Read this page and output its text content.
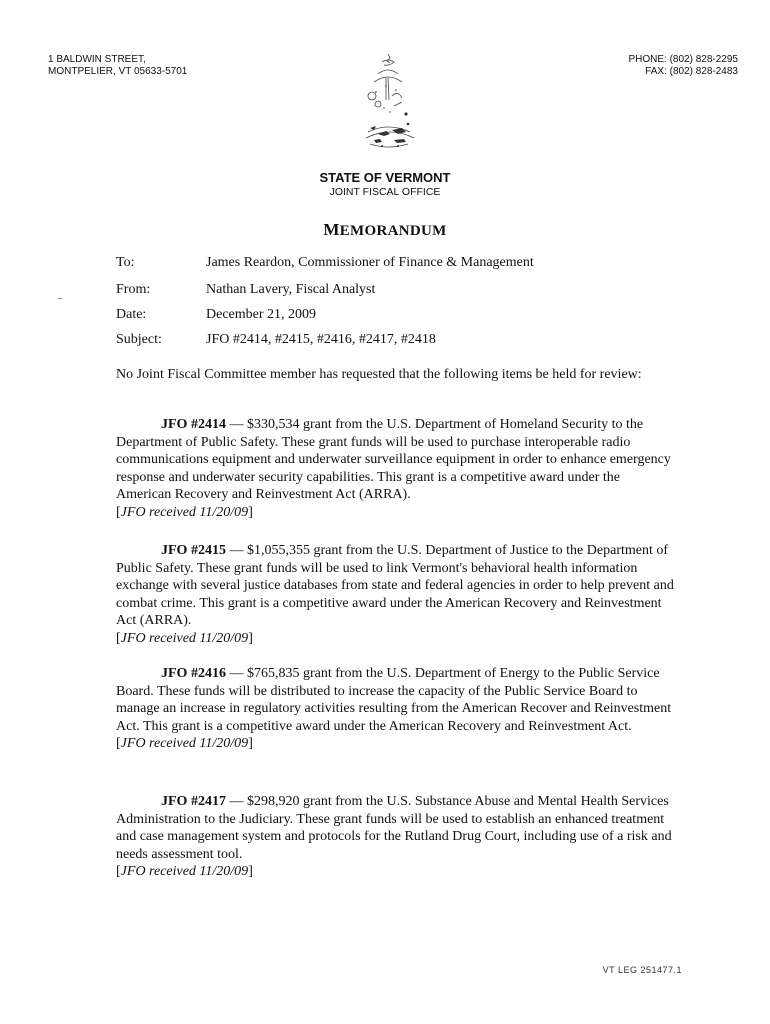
1 BALDWIN STREET,
MONTPELIER, VT 05633-5701
PHONE: (802) 828-2295
FAX: (802) 828-2483
STATE OF VERMONT
JOINT FISCAL OFFICE
MEMORANDUM
To:	James Reardon, Commissioner of Finance & Management
From:	Nathan Lavery, Fiscal Analyst
Date:	December 21, 2009
Subject:	JFO #2414, #2415, #2416, #2417, #2418
No Joint Fiscal Committee member has requested that the following items be held for review:

JFO #2414 — $330,534 grant from the U.S. Department of Homeland Security to the Department of Public Safety. These grant funds will be used to purchase interoperable radio communications equipment and underwater surveillance equipment in order to enhance emergency response and underwater security capabilities. This grant is a competitive award under the American Recovery and Reinvestment Act (ARRA).

[JFO received 11/20/09]

JFO #2415 — $1,055,355 grant from the U.S. Department of Justice to the Department of Public Safety. These grant funds will be used to link Vermont's behavioral health information exchange with several justice databases from state and federal agencies in order to help prevent and combat crime. This grant is a competitive award under the American Recovery and Reinvestment Act (ARRA).

[JFO received 11/20/09]

JFO #2416 — $765,835 grant from the U.S. Department of Energy to the Public Service Board. These funds will be distributed to increase the capacity of the Public Service Board to manage an increase in regulatory activities resulting from the American Recover and Reinvestment Act. This grant is a competitive award under the American Recovery and Reinvestment Act.

[JFO received 11/20/09]

JFO #2417 — $298,920 grant from the U.S. Substance Abuse and Mental Health Services Administration to the Judiciary. These grant funds will be used to establish an enhanced treatment and case management system and protocols for the Rutland Drug Court, including use of a risk and needs assessment tool.

[JFO received 11/20/09]
VT LEG 251477.1
